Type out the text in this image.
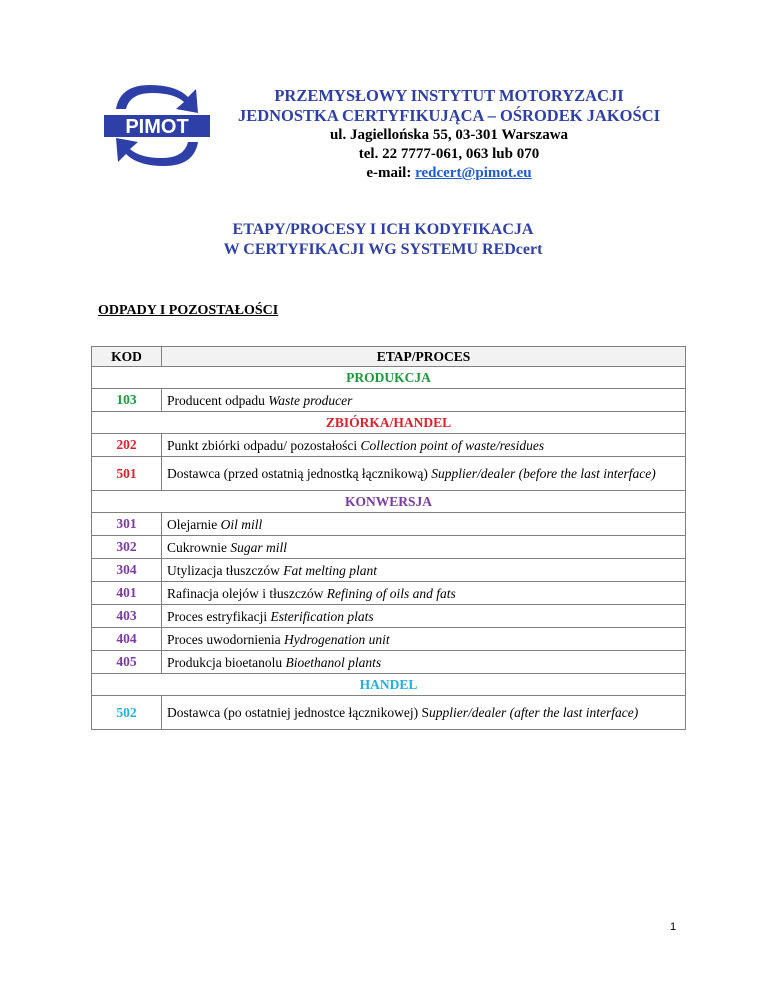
PIMOT
PRZEMYSŁOWY INSTYTUT MOTORYZACJI
JEDNOSTKA CERTYFIKUJĄCA – OŚRODEK JAKOŚCI
ul. Jagiellońska 55, 03-301 Warszawa
tel. 22 7777-061, 063 lub 070
e-mail: redcert@pimot.eu
ETAPY/PROCESY I ICH KODYFIKACJA
W CERTYFIKACJI WG SYSTEMU REDcert
ODPADY I POZOSTAŁOŚCI
KOD	ETAP/PROCES
PRODUKCJA	
103	Producent odpadu Waste producer
ZBIÓRKA/HANDEL	
202	Punkt zbiórki odpadu/ pozostałości Collection point of waste/residues
501	Dostawca (przed ostatnią jednostką łącznikową) Supplier/dealer (before the last interface)
KONWERSJA	
301	Olejarnie Oil mill
302	Cukrownie Sugar mill
304	Utylizacja tłuszczów Fat melting plant
401	Rafinacja olejów i tłuszczów Refining of oils and fats
403	Proces estryfikacji Esterification plats
404	Proces uwodornienia Hydrogenation unit
405	Produkcja bioetanolu Bioethanol plants
HANDEL	
502	Dostawca (po ostatniej jednostce łącznikowej) Supplier/dealer (after the last interface)
1
